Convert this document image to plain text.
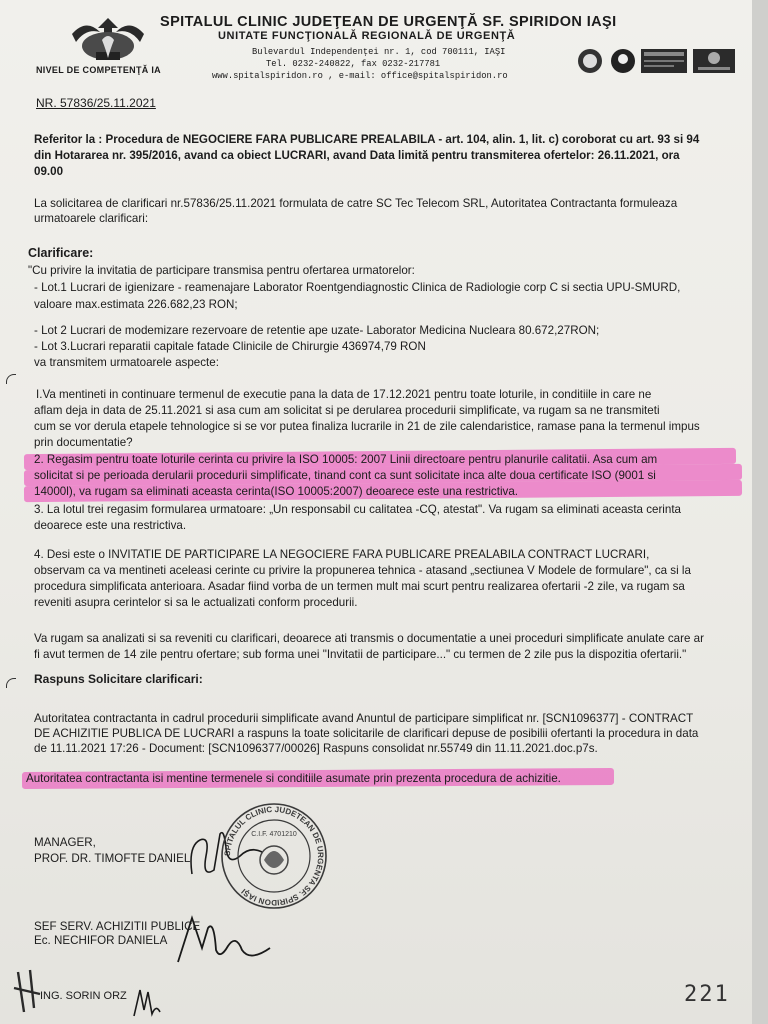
SPITALUL CLINIC JUDEŢEAN DE URGENŢĂ SF. SPIRIDON IAŞI
UNITATE FUNCŢIONALĂ REGIONALĂ DE URGENŢĂ
Bulevardul Independenţei nr. 1, cod 700111, IAŞI
Tel. 0232-240822, fax 0232-217781
www.spitalspiridon.ro , e-mail: office@spitalspiridon.ro
NIVEL DE COMPETENŢĂ IA
NR. 57836/25.11.2021
Referitor la : Procedura de NEGOCIERE FARA PUBLICARE PREALABILA - art. 104, alin. 1, lit. c) coroborat cu art. 93 si 94
din Hotararea nr. 395/2016, avand ca obiect LUCRARI, avand Data limită pentru transmiterea ofertelor: 26.11.2021, ora
09.00
La solicitarea de clarificari nr.57836/25.11.2021 formulata de catre SC Tec Telecom SRL, Autoritatea Contractanta formuleaza
urmatoarele clarificari:
Clarificare:
"Cu privire la invitatia de participare transmisa pentru ofertarea urmatorelor:
- Lot.1 Lucrari de igienizare - reamenajare Laborator Roentgendiagnostic Clinica de Radiologie corp C si sectia UPU-SMURD,
valoare max.estimata 226.682,23 RON;
- Lot 2 Lucrari de modemizare rezervoare de retentie ape uzate- Laborator Medicina Nucleara 80.672,27RON;
- Lot 3.Lucrari reparatii capitale fatade Clinicile de Chirurgie 436974,79 RON
va transmitem urmatoarele aspecte:
I.Va mentineti in continuare termenul de executie pana la data de 17.12.2021 pentru toate loturile, in conditiile in care ne
aflam deja in data de 25.11.2021 si asa cum am solicitat si pe derularea procedurii simplificate, va rugam sa ne transmiteti
cum se vor derula etapele tehnologice si se vor putea finaliza lucrarile in 21 de zile calendaristice, ramase pana la termenul impus
prin documentatie?
2. Regasim pentru toate loturile cerinta cu privire la ISO 10005: 2007 Linii directoare pentru planurile calitatii. Asa cum am
solicitat si pe perioada derularii procedurii simplificate, tinand cont ca sunt solicitate inca alte doua certificate ISO (9001 si
14000l), va rugam sa eliminati aceasta cerinta(ISO 10005:2007) deoarece este una restrictiva.
3. La lotul trei regasim formularea urmatoare: „Un responsabil cu calitatea -CQ, atestat". Va rugam sa eliminati aceasta cerinta
deoarece este una restrictiva.
4. Desi este o INVITATIE DE PARTICIPARE LA NEGOCIERE FARA PUBLICARE PREALABILA CONTRACT LUCRARI,
observam ca va mentineti aceleasi cerinte cu privire la propunerea tehnica - atasand „sectiunea V Modele de formulare", ca si la
procedura simplificata anterioara. Asadar fiind vorba de un termen mult mai scurt pentru realizarea ofertarii -2 zile, va rugam sa
reveniti asupra cerintelor si sa le actualizati conform procedurii.
Va rugam sa analizati si sa reveniti cu clarificari, deoarece ati transmis o documentatie a unei proceduri simplificate anulate care ar
fi avut termen de 14 zile pentru ofertare; sub forma unei "Invitatii de participare..." cu termen de 2 zile pus la dispozitia ofertarii."
Raspuns Solicitare clarificari:
Autoritatea contractanta in cadrul procedurii simplificate avand Anuntul de participare simplificat nr. [SCN1096377] - CONTRACT
DE ACHIZITIE PUBLICA DE LUCRARI a raspuns la toate solicitarile de clarificari depuse de posibilii ofertanti la procedura in data
de 11.11.2021 17:26 - Document: [SCN1096377/00026] Raspuns consolidat nr.55749 din 11.11.2021.doc.p7s.
Autoritatea contractanta isi mentine termenele si conditiile asumate prin prezenta procedura de achizitie.
MANAGER,
PROF. DR. TIMOFTE DANIEL	SPITALUL CLINIC JUDETEAN DE URGENTA SF. SPIRIDON IAŞI
C.I.F. 4701210
SEF SERV. ACHIZITII PUBLICE
Ec. NECHIFOR DANIELA
ING. SORIN ORZ	221
